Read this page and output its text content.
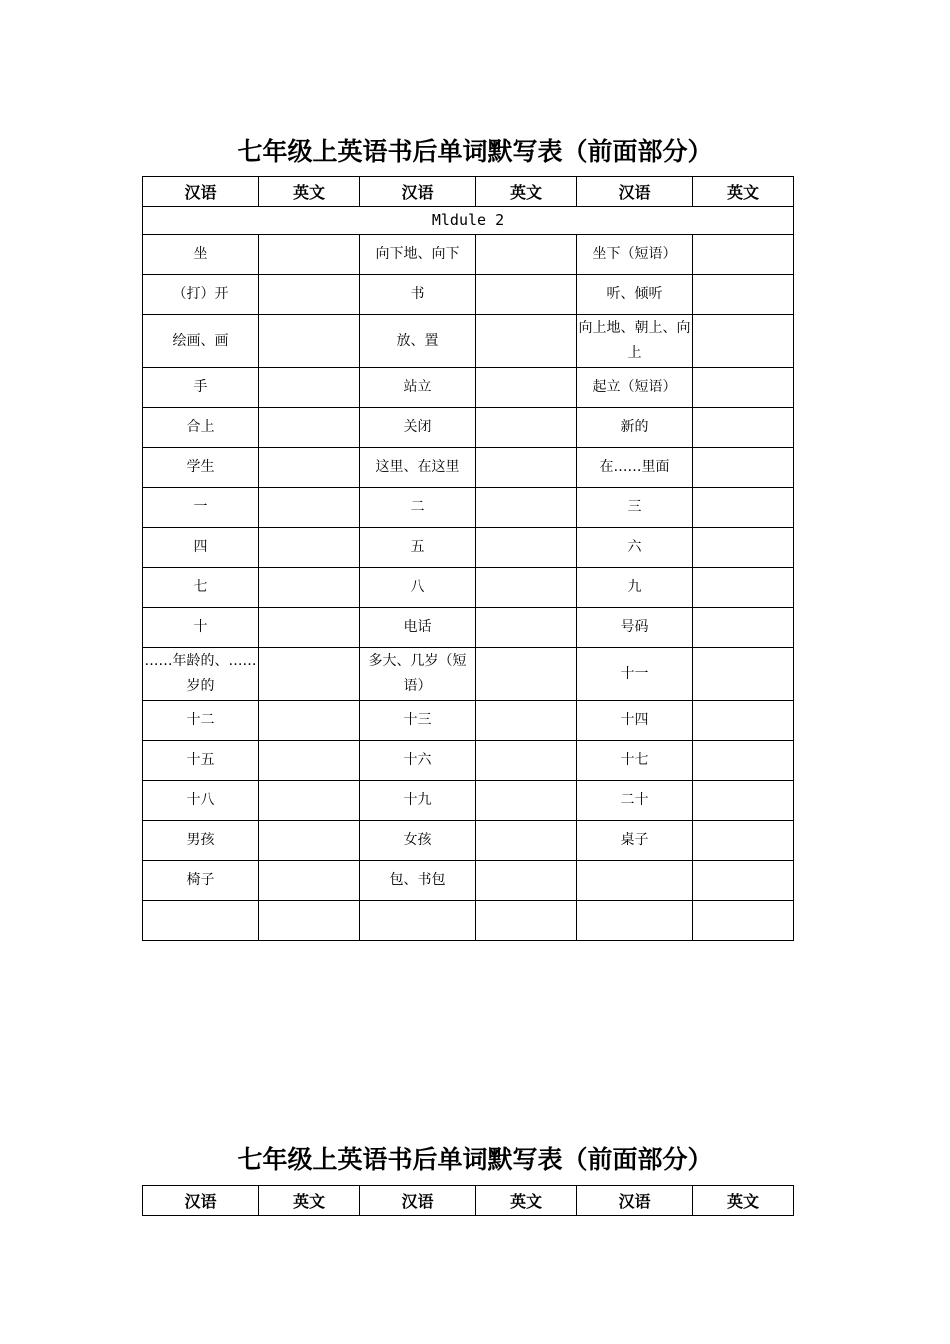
七年级上英语书后单词默写表（前面部分）
汉语	英文	汉语	英文	汉语	英文
Mldule 2					
坐		向下地、向下		坐下（短语）	
（打）开		书		听、倾听	
绘画、画		放、置		向上地、朝上、向上	
手		站立		起立（短语）	
合上		关闭		新的	
学生		这里、在这里		在……里面	
一		二		三	
四		五		六	
七		八		九	
十		电话		号码	
……年龄的、……岁的		多大、几岁（短语）		十一	
十二		十三		十四	
十五		十六		十七	
十八		十九		二十	
男孩		女孩		桌子	
椅子		包、书包			

七年级上英语书后单词默写表（前面部分）
汉语	英文	汉语	英文	汉语	英文
